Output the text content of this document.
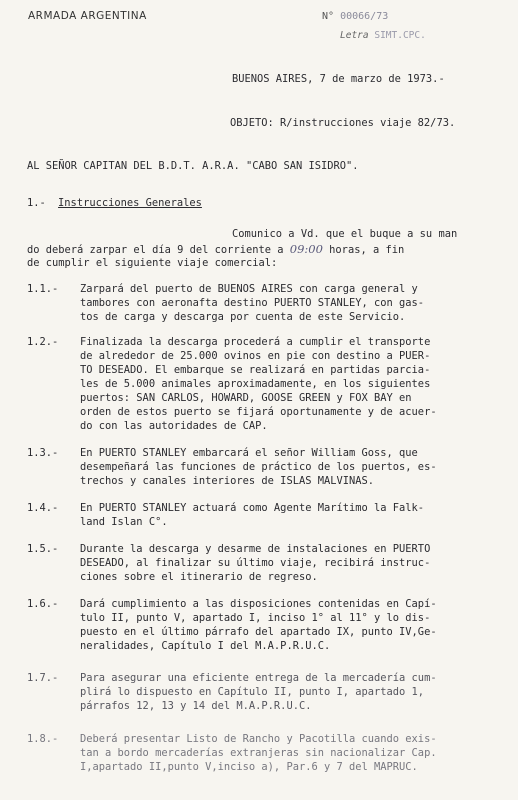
ARMADA ARGENTINA	N° 00066/73
Letra SIMT.CPC.
BUENOS AIRES, 7 de marzo de 1973.-
OBJETO: R/instrucciones viaje 82/73.
AL SEÑOR CAPITAN DEL B.D.T. A.R.A. "CABO SAN ISIDRO".
1.- Instrucciones Generales
Comunico a Vd. que el buque a su man
do deberá zarpar el día 9 del corriente a 09:00 horas, a fin
de cumplir el siguiente viaje comercial:
1.1.- Zarpará del puerto de BUENOS AIRES con carga general y
tambores con aeronafta destino PUERTO STANLEY, con gas-
tos de carga y descarga por cuenta de este Servicio.
1.2.- Finalizada la descarga procederá a cumplir el transporte
de alrededor de 25.000 ovinos en pie con destino a PUER-
TO DESEADO. El embarque se realizará en partidas parcia-
les de 5.000 animales aproximadamente, en los siguientes
puertos: SAN CARLOS, HOWARD, GOOSE GREEN y FOX BAY en
orden de estos puerto se fijará oportunamente y de acuer-
do con las autoridades de CAP.
1.3.- En PUERTO STANLEY embarcará el señor William Goss, que
desempeñará las funciones de práctico de los puertos, es-
trechos y canales interiores de ISLAS MALVINAS.
1.4.- En PUERTO STANLEY actuará como Agente Marítimo la Falk-
land Islan C°.
1.5.- Durante la descarga y desarme de instalaciones en PUERTO
DESEADO, al finalizar su último viaje, recibirá instruc-
ciones sobre el itinerario de regreso.
1.6.- Dará cumplimiento a las disposiciones contenidas en Capí-
tulo II, punto V, apartado I, inciso 1° al 11° y lo dis-
puesto en el último párrafo del apartado IX, punto IV,Ge-
neralidades, Capítulo I del M.A.P.R.U.C.
1.7.- Para asegurar una eficiente entrega de la mercadería cum-
plirá lo dispuesto en Capítulo II, punto I, apartado 1,
párrafos 12, 13 y 14 del M.A.P.R.U.C.
1.8.- Deberá presentar Listo de Rancho y Pacotilla cuando exis-
tan a bordo mercaderías extranjeras sin nacionalizar Cap.
I,apartado II,punto V,inciso a), Par.6 y 7 del MAPRUC.
